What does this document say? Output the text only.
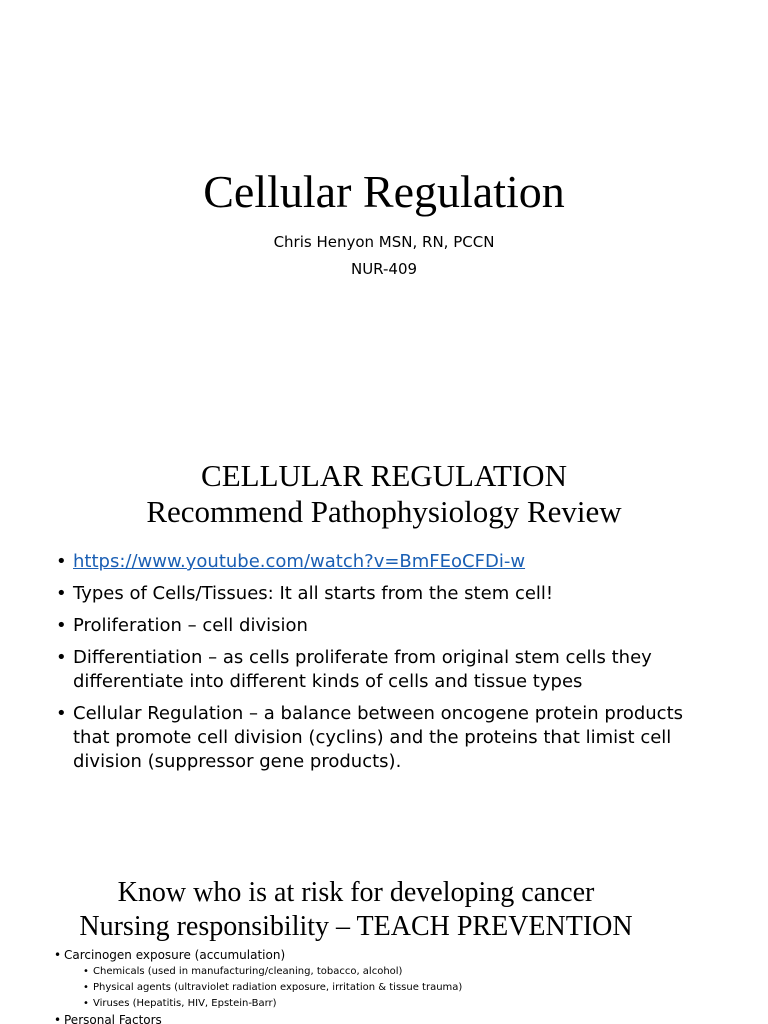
Cellular Regulation
Chris Henyon MSN, RN, PCCN
NUR-409
CELLULAR REGULATION
Recommend Pathophysiology Review
• https://www.youtube.com/watch?v=BmFEoCFDi-w
• Types of Cells/Tissues: It all starts from the stem cell!
• Proliferation – cell division
• Differentiation – as cells proliferate from original stem cells they differentiate into different kinds of cells and tissue types
• Cellular Regulation – a balance between oncogene protein products that promote cell division (cyclins) and the proteins that limist cell division (suppressor gene products).
Know who is at risk for developing cancer
Nursing responsibility – TEACH PREVENTION
• Carcinogen exposure (accumulation)
• Chemicals (used in manufacturing/cleaning, tobacco, alcohol)
• Physical agents (ultraviolet radiation exposure, irritation & tissue trauma)
• Viruses (Hepatitis, HIV, Epstein-Barr)
• Personal Factors
